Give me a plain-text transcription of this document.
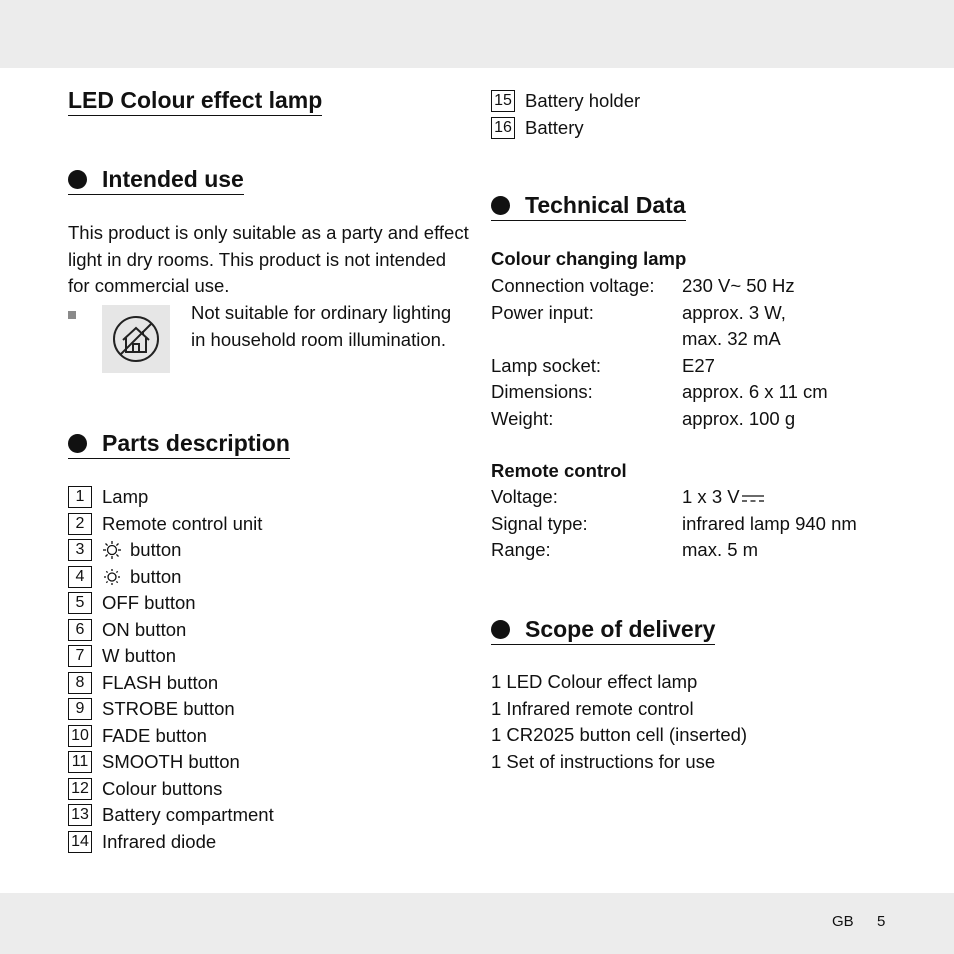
LED Colour effect lamp
Intended use
This product is only suitable as a party and effect
light in dry rooms. This product is not intended
for commercial use.
Not suitable for ordinary lighting
in household room illumination.
Parts description
1 Lamp
2 Remote control unit
3	button
4	button
5 OFF button
6 ON button
7 W button
8 FLASH button
9 STROBE button
10 FADE button
11 SMOOTH button
12 Colour buttons
13 Battery compartment
14 Infrared diode
15 Battery holder
16 Battery
Technical Data
Colour changing lamp
Connection voltage:	230 V~ 50 Hz
Power input:	approx. 3 W,
max. 32 mA
Lamp socket:	E27
Dimensions:	approx. 6 x 11 cm
Weight:	approx. 100 g
Remote control
Voltage:	1 x 3 V
Signal type:	infrared lamp 940 nm
Range:	max. 5 m
Scope of delivery
1 LED Colour effect lamp
1 Infrared remote control
1 CR2025 button cell (inserted)
1 Set of instructions for use
GB 5
